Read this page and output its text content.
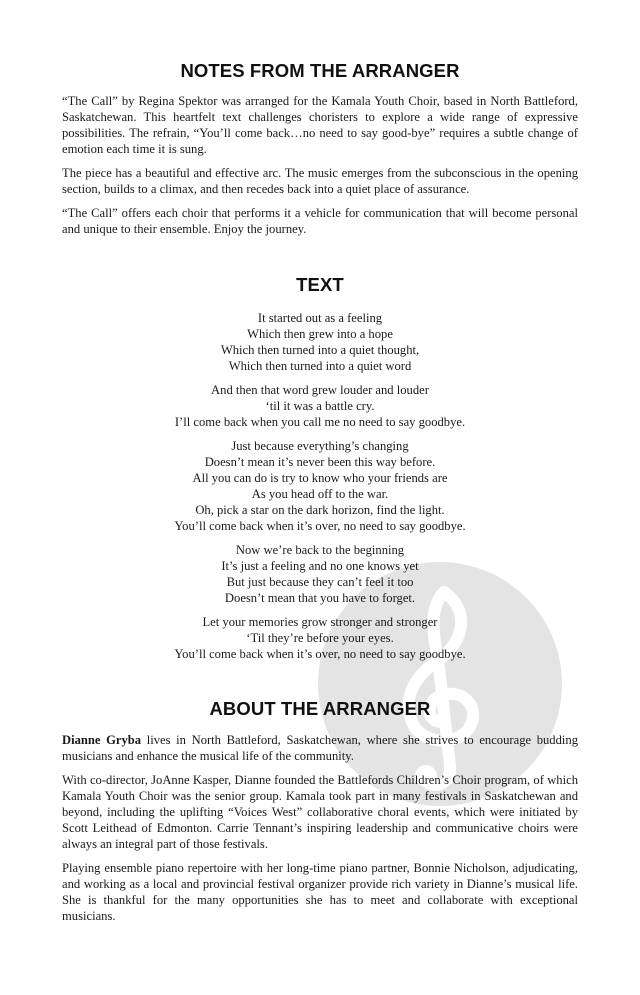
NOTES FROM THE ARRANGER

“The Call” by Regina Spektor was arranged for the Kamala Youth Choir, based in North Battleford, Saskatchewan. This heartfelt text challenges choristers to explore a wide range of expressive possibilities. The refrain, “You’ll come back…no need to say good-bye” requires a subtle change of emotion each time it is sung.

The piece has a beautiful and effective arc. The music emerges from the subconscious in the opening section, builds to a climax, and then recedes back into a quiet place of assurance.

“The Call” offers each choir that performs it a vehicle for communication that will become personal and unique to their ensemble. Enjoy the journey.

TEXT
It started out as a feeling
Which then grew into a hope
Which then turned into a quiet thought,
Which then turned into a quiet word
And then that word grew louder and louder
‘til it was a battle cry.
I’ll come back when you call me no need to say goodbye.
Just because everything’s changing
Doesn’t mean it’s never been this way before.
All you can do is try to know who your friends are
As you head off to the war.
Oh, pick a star on the dark horizon, find the light.
You’ll come back when it’s over, no need to say goodbye.
Now we’re back to the beginning
It’s just a feeling and no one knows yet
But just because they can’t feel it too
Doesn’t mean that you have to forget.
Let your memories grow stronger and stronger
‘Til they’re before your eyes.
You’ll come back when it’s over, no need to say goodbye.
ABOUT THE ARRANGER

Dianne Gryba lives in North Battleford, Saskatchewan, where she strives to encourage budding musicians and enhance the musical life of the community.

With co-director, JoAnne Kasper, Dianne founded the Battlefords Children’s Choir program, of which Kamala Youth Choir was the senior group. Kamala took part in many festivals in Saskatchewan and beyond, including the uplifting “Voices West” collaborative choral events, which were initiated by Scott Leithead of Edmonton. Carrie Tennant’s inspiring leadership and communicative choirs were always an integral part of those festivals.

Playing ensemble piano repertoire with her long-time piano partner, Bonnie Nicholson, adjudicating, and working as a local and provincial festival organizer provide rich variety in Dianne’s musical life. She is thankful for the many opportunities she has to meet and collaborate with exceptional musicians.
